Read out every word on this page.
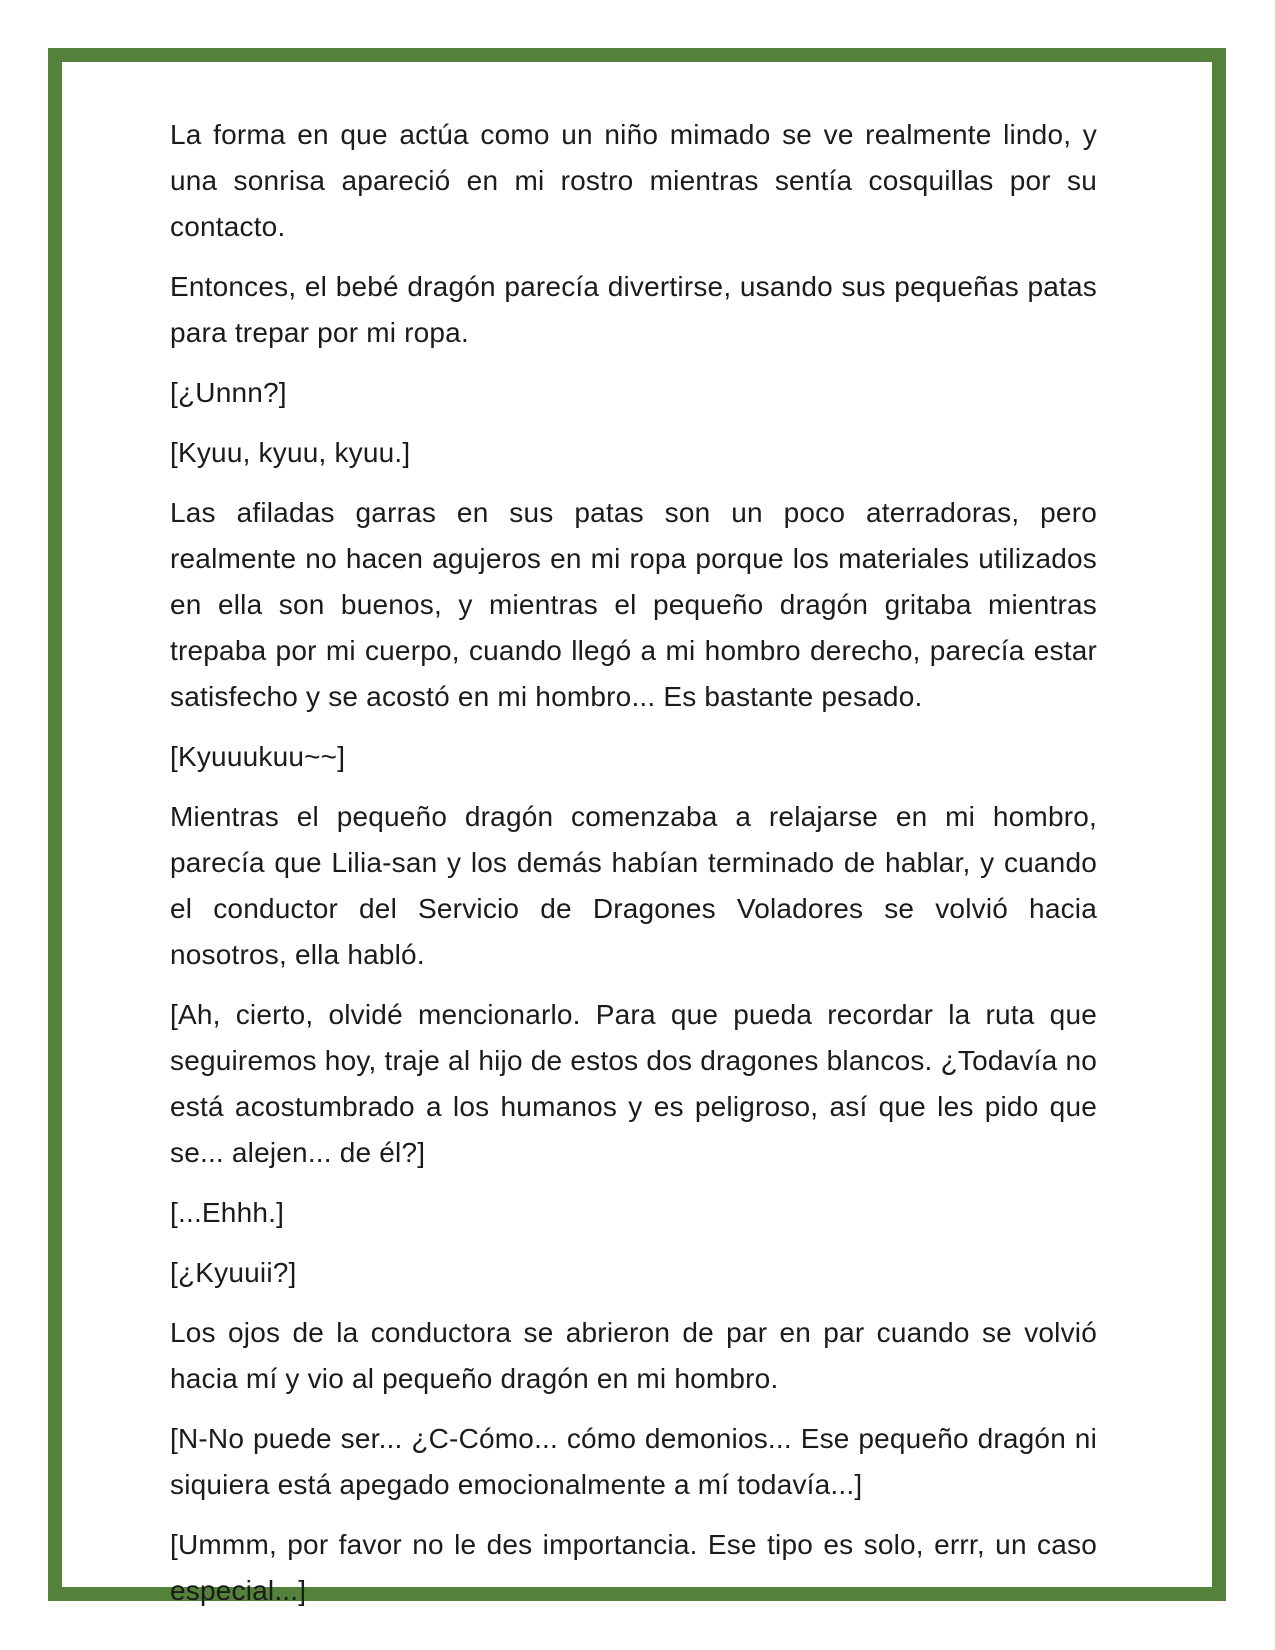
La forma en que actúa como un niño mimado se ve realmente lindo, y una sonrisa apareció en mi rostro mientras sentía cosquillas por su contacto.

Entonces, el bebé dragón parecía divertirse, usando sus pequeñas patas para trepar por mi ropa.

[¿Unnn?]

[Kyuu, kyuu, kyuu.]

Las afiladas garras en sus patas son un poco aterradoras, pero realmente no hacen agujeros en mi ropa porque los materiales utilizados en ella son buenos, y mientras el pequeño dragón gritaba mientras trepaba por mi cuerpo, cuando llegó a mi hombro derecho, parecía estar satisfecho y se acostó en mi hombro... Es bastante pesado.

[Kyuuukuu~~]

Mientras el pequeño dragón comenzaba a relajarse en mi hombro, parecía que Lilia-san y los demás habían terminado de hablar, y cuando el conductor del Servicio de Dragones Voladores se volvió hacia nosotros, ella habló.

[Ah, cierto, olvidé mencionarlo. Para que pueda recordar la ruta que seguiremos hoy, traje al hijo de estos dos dragones blancos. ¿Todavía no está acostumbrado a los humanos y es peligroso, así que les pido que se... alejen... de él?]

[...Ehhh.]

[¿Kyuuii?]

Los ojos de la conductora se abrieron de par en par cuando se volvió hacia mí y vio al pequeño dragón en mi hombro.

[N-No puede ser... ¿C-Cómo... cómo demonios... Ese pequeño dragón ni siquiera está apegado emocionalmente a mí todavía...]

[Ummm, por favor no le des importancia. Ese tipo es solo, errr, un caso especial...]
